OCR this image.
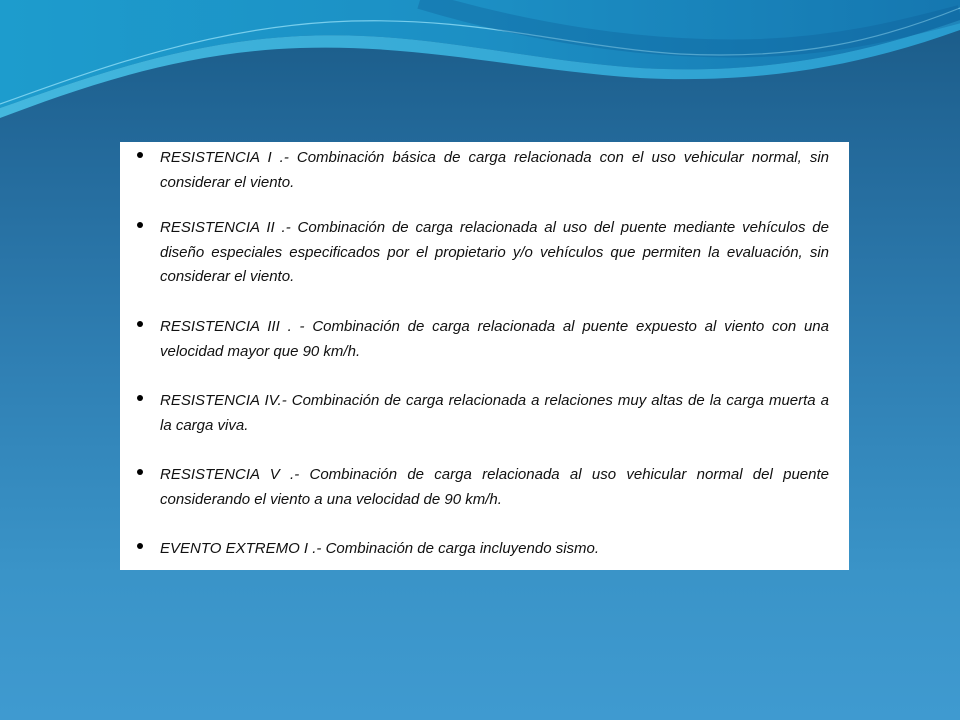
RESISTENCIA I .- Combinación básica de carga relacionada con el uso vehicular normal, sin considerar el viento.
RESISTENCIA II .- Combinación de carga relacionada al uso del puente mediante vehículos de diseño especiales especificados por el propietario y/o vehículos que permiten la evaluación, sin considerar el viento.
RESISTENCIA III . - Combinación de carga relacionada al puente expuesto al viento con una velocidad mayor que 90 km/h.
RESISTENCIA IV.- Combinación de carga relacionada a relaciones muy altas de la carga muerta a la carga viva.
RESISTENCIA V .- Combinación de carga relacionada al uso vehicular normal del puente considerando el viento a una velocidad de 90 km/h.
EVENTO EXTREMO I .- Combinación de carga incluyendo sismo.
